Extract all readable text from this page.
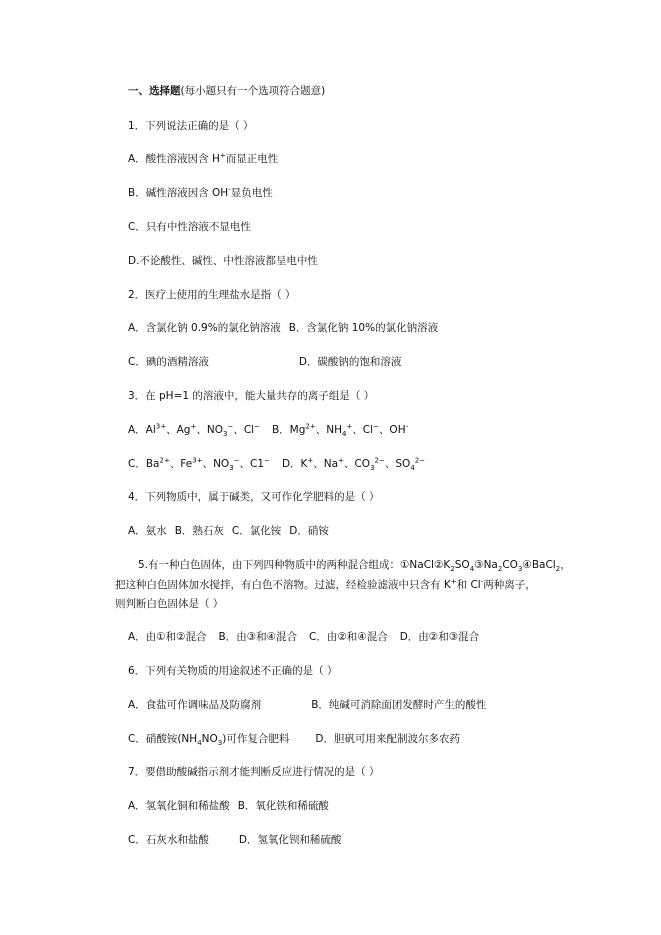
一、选择题(每小题只有一个选项符合题意)
1．下列说法正确的是（ ）
A．酸性溶液因含 H+而显正电性
B．碱性溶液因含 OH-显负电性
C．只有中性溶液不显电性
D.不论酸性、碱性、中性溶液都呈电中性
2．医疗上使用的生理盐水是指（ ）
A．含氯化钠 0.9%的氯化钠溶液 B．含氯化钠 10%的氯化钠溶液
C．碘的酒精溶液	D．碳酸钠的饱和溶液
3．在 pH=1 的溶液中，能大量共存的离子组是（ ）
A．$Al^{3+}$、Ag+、$NO_3^-$、Cl− B．$Mg^{2+}$、$NH_4^+$、Cl−、OH-
C．$Ba^{2+}$、$Fe^{3+}$、$NO_3^-$、C1− D．K+、Na+、$CO_3^{2-}$、$SO_4^{2-}$
4．下列物质中，属于碱类，又可作化学肥料的是（ ）
A．氨水 B．熟石灰 C．氯化铵 D．硝铵
5.有一种白色固体，由下列四种物质中的两种混合组成：$①NaCl②K_2SO_4③Na_2CO_3④BaCl_2$，
把这种白色固体加水搅拌，有白色不溶物。过滤，经检验滤液中只含有 K+和 Cl-两种离子，
则判断白色固体是（ ）
A．由①和②混合 B．由③和④混合 C．由②和④混合 D．由②和③混合
6．下列有关物质的用途叙述不正确的是（ ）
A．食盐可作调味品及防腐剂	B．纯碱可消除面团发酵时产生的酸性
C．硝酸铵$(NH_4NO_3)$可作复合肥料 D．胆矾可用来配制波尔多农药
7．要借助酸碱指示剂才能判断反应进行情况的是（ ）
A．氢氧化铜和稀盐酸 B．氧化铁和稀硫酸
C．石灰水和盐酸	D．氢氧化钡和稀硫酸
